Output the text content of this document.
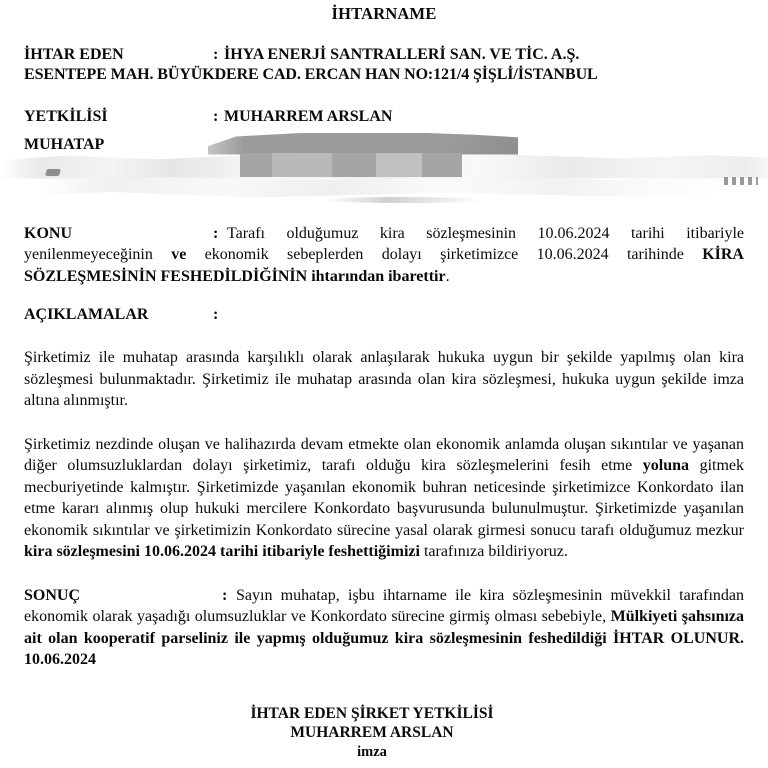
İHTARNAME
İHTAR EDEN	: İHYA ENERJİ SANTRALLERİ SAN. VE TİC. A.Ş.
ESENTEPE MAH. BÜYÜKDERE CAD. ERCAN HAN NO:121/4 ŞİŞLİ/İSTANBUL
YETKİLİSİ	: MUHARREM ARSLAN
MUHATAP

KONU	: Tarafı olduğumuz kira sözleşmesinin 10.06.2024 tarihi itibariyle yenilenmeyeceğinin ve ekonomik sebeplerden dolayı şirketimizce 10.06.2024 tarihinde KİRA SÖZLEŞMESİNİN FESHEDİLDİĞİNİN ihtarından ibarettir.

AÇIKLAMALAR	:

Şirketimiz ile muhatap arasında karşılıklı olarak anlaşılarak hukuka uygun bir şekilde yapılmış olan kira sözleşmesi bulunmaktadır. Şirketimiz ile muhatap arasında olan kira sözleşmesi, hukuka uygun şekilde imza altına alınmıştır.

Şirketimiz nezdinde oluşan ve halihazırda devam etmekte olan ekonomik anlamda oluşan sıkıntılar ve yaşanan diğer olumsuzluklardan dolayı şirketimiz, tarafı olduğu kira sözleşmelerini fesih etme yoluna gitmek mecburiyetinde kalmıştır. Şirketimizde yaşanılan ekonomik buhran neticesinde şirketimizce Konkordato ilan etme kararı alınmış olup hukuki mercilere Konkordato başvurusunda bulunulmuştur. Şirketimizde yaşanılan ekonomik sıkıntılar ve şirketimizin Konkordato sürecine yasal olarak girmesi sonucu tarafı olduğumuz mezkur kira sözleşmesini 10.06.2024 tarihi itibariyle feshettiğimizi tarafınıza bildiriyoruz.

SONUÇ	: Sayın muhatap, işbu ihtarname ile kira sözleşmesinin müvekkil tarafından ekonomik olarak yaşadığı olumsuzluklar ve Konkordato sürecine girmiş olması sebebiyle, Mülkiyeti şahsınıza ait olan kooperatif parseliniz ile yapmış olduğumuz kira sözleşmesinin feshedildiği İHTAR OLUNUR. 10.06.2024

İHTAR EDEN ŞİRKET YETKİLİSİ
MUHARREM ARSLAN
imza
